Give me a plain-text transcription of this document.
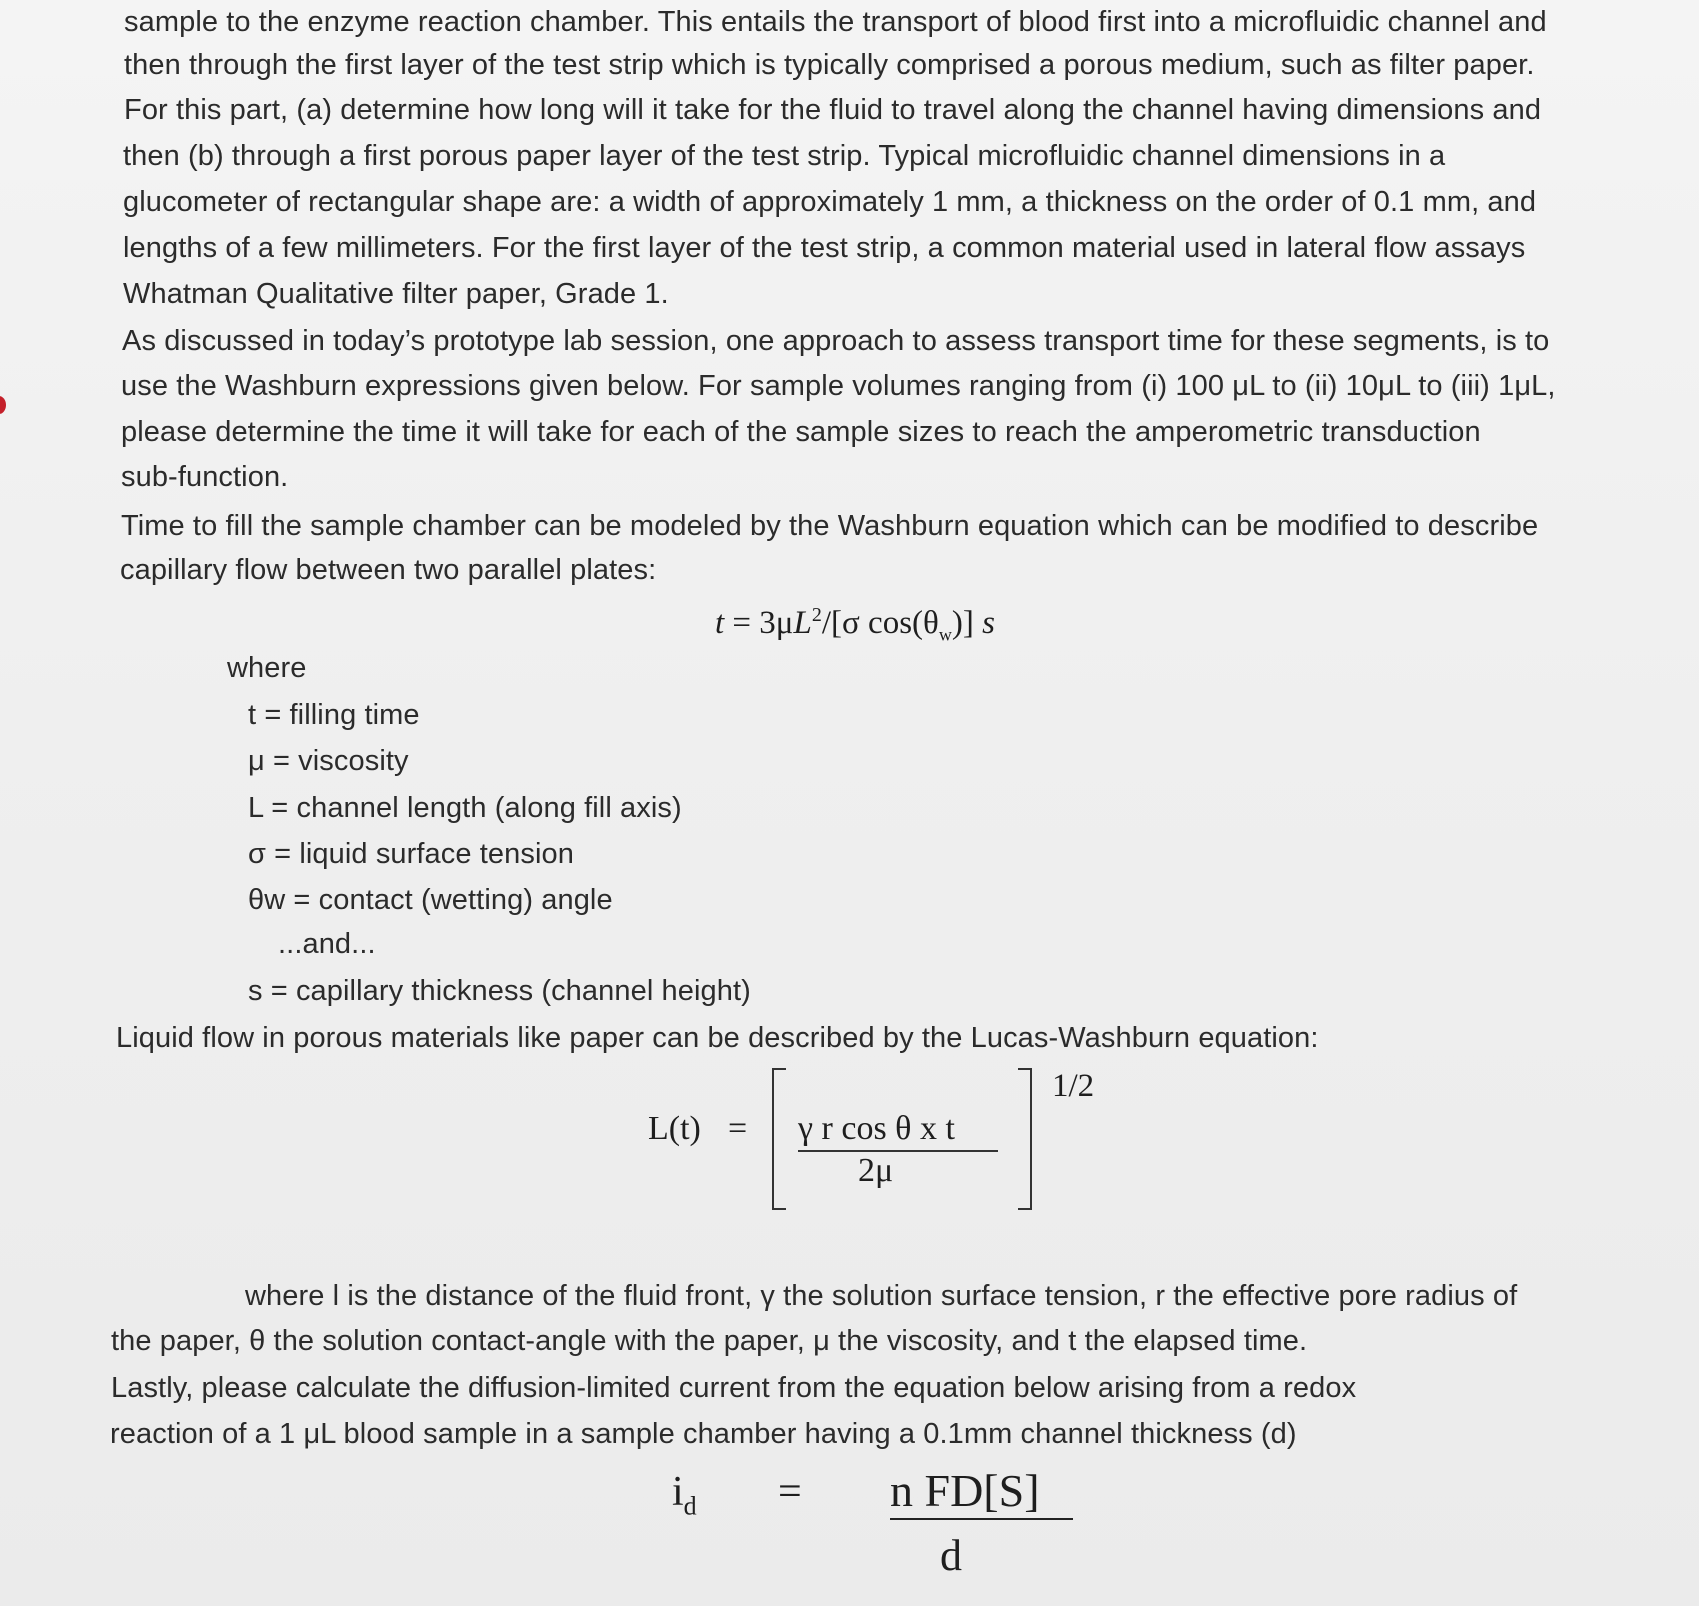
sample to the enzyme reaction chamber. This entails the transport of blood first into a microfluidic channel and
then through the first layer of the test strip which is typically comprised a porous medium, such as filter paper.
For this part, (a) determine how long will it take for the fluid to travel along the channel having dimensions and
then (b) through a first porous paper layer of the test strip. Typical microfluidic channel dimensions in a
glucometer of rectangular shape are: a width of approximately 1 mm, a thickness on the order of 0.1 mm, and
lengths of a few millimeters. For the first layer of the test strip, a common material used in lateral flow assays
Whatman Qualitative filter paper, Grade 1.
As discussed in today’s prototype lab session, one approach to assess transport time for these segments, is to
use the Washburn expressions given below. For sample volumes ranging from (i) 100 μL to (ii) 10μL to (iii) 1μL,
please determine the time it will take for each of the sample sizes to reach the amperometric transduction
sub-function.
Time to fill the sample chamber can be modeled by the Washburn equation which can be modified to describe
capillary flow between two parallel plates:
$t = 3\mu L^2/[\sigma$ $\cos(\theta_w)$] s
where
t = filling time
μ = viscosity
L = channel length (along fill axis)
σ = liquid surface tension
θw = contact (wetting) angle
...and...
s = capillary thickness (channel height)
Liquid flow in porous materials like paper can be described by the Lucas-Washburn equation:
L(t) = γ r cos θ x t
2μ
1/2
where l is the distance of the fluid front, γ the solution surface tension, r the effective pore radius of
the paper, θ the solution contact-angle with the paper, μ the viscosity, and t the elapsed time.
Lastly, please calculate the diffusion-limited current from the equation below arising from a redox
reaction of a 1 μL blood sample in a sample chamber having a 0.1mm channel thickness (d)
$i_d = n$ FD[S]
d
